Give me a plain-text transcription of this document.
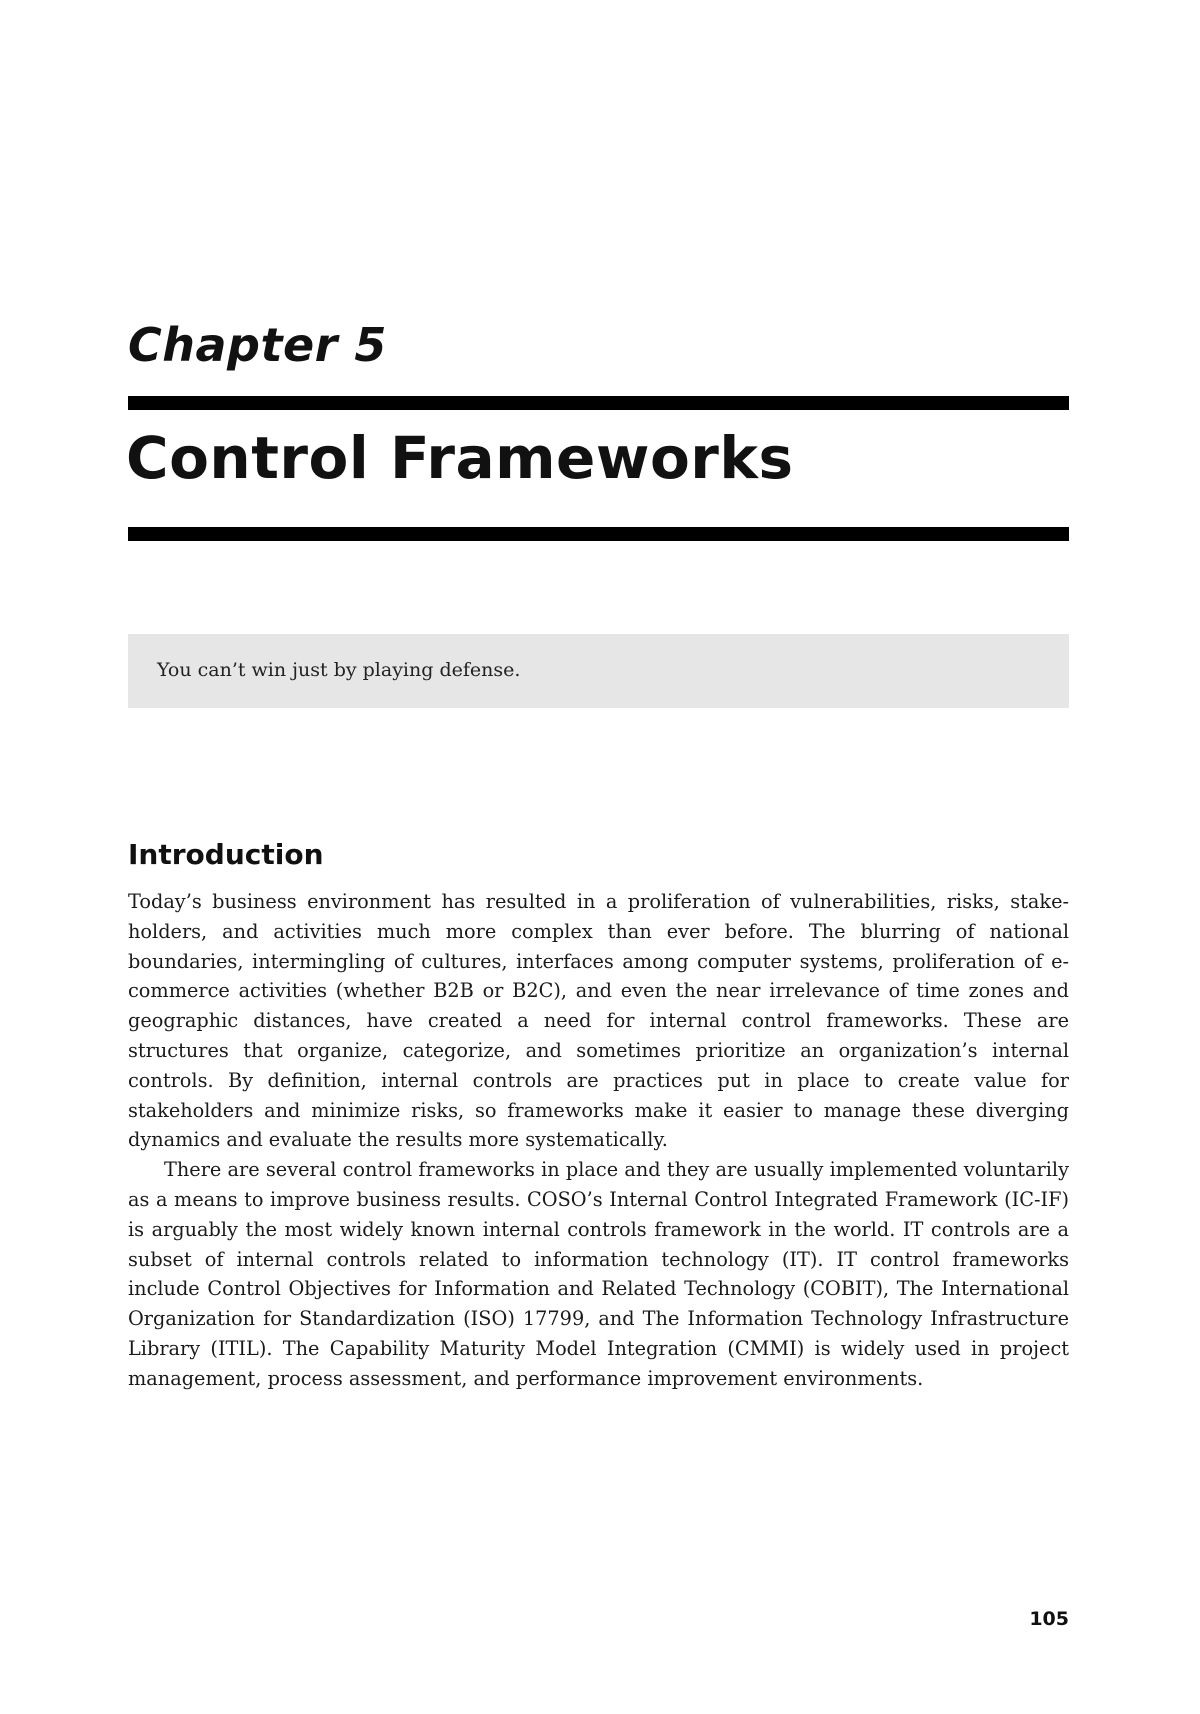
Chapter 5
Control Frameworks
You can’t win just by playing defense.
Introduction

Today’s business environment has resulted in a proliferation of vulnerabilities, risks, stakeholders, and activities much more complex than ever before. The blurring of national boundaries, intermingling of cultures, interfaces among computer systems, proliferation of e-commerce activities (whether B2B or B2C), and even the near irrelevance of time zones and geographic distances, have created a need for internal control frameworks. These are structures that organize, categorize, and sometimes prioritize an organization’s internal controls. By definition, internal controls are practices put in place to create value for stakeholders and minimize risks, so frameworks make it easier to manage these diverging dynamics and evaluate the results more systematically.

There are several control frameworks in place and they are usually implemented voluntarily as a means to improve business results. COSO’s Internal Control Integrated Framework (IC-IF) is arguably the most widely known internal controls framework in the world. IT controls are a subset of internal controls related to information technology (IT). IT control frameworks include Control Objectives for Information and Related Technology (COBIT), The International Organization for Standardization (ISO) 17799, and The Information Technology Infrastructure Library (ITIL). The Capability Maturity Model Integration (CMMI) is widely used in project management, process assessment, and performance improvement environments.

105
